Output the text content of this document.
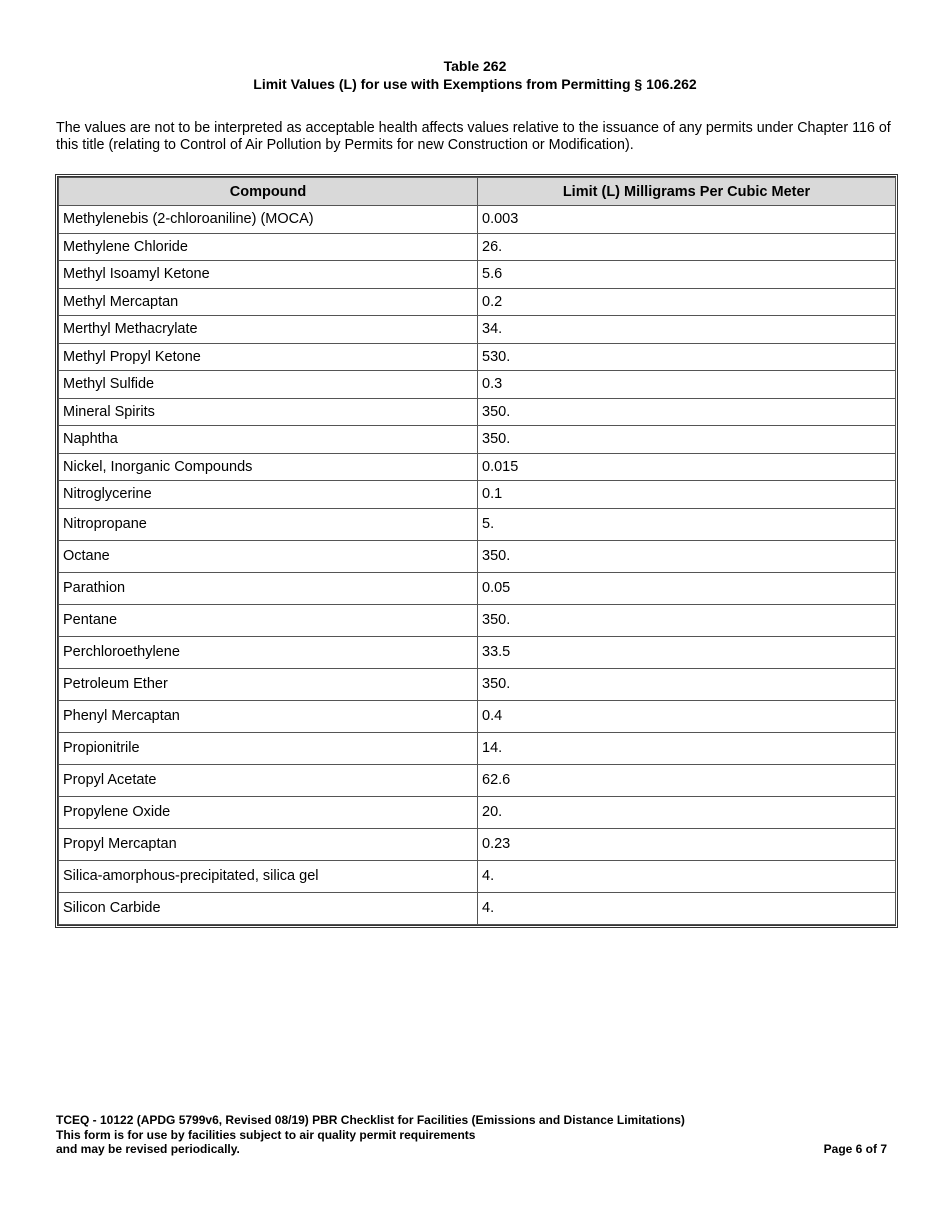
Table 262
Limit Values (L) for use with Exemptions from Permitting § 106.262
The values are not to be interpreted as acceptable health affects values relative to the issuance of any permits under Chapter 116 of this title (relating to Control of Air Pollution by Permits for new Construction or Modification).
Compound	Limit (L) Milligrams Per Cubic Meter
Methylenebis (2-chloroaniline) (MOCA)	0.003
Methylene Chloride	26.
Methyl Isoamyl Ketone	5.6
Methyl Mercaptan	0.2
Merthyl Methacrylate	34.
Methyl Propyl Ketone	530.
Methyl Sulfide	0.3
Mineral Spirits	350.
Naphtha	350.
Nickel, Inorganic Compounds	0.015
Nitroglycerine	0.1
Nitropropane	5.
Octane	350.
Parathion	0.05
Pentane	350.
Perchloroethylene	33.5
Petroleum Ether	350.
Phenyl Mercaptan	0.4
Propionitrile	14.
Propyl Acetate	62.6
Propylene Oxide	20.
Propyl Mercaptan	0.23
Silica-amorphous-precipitated, silica gel	4.
Silicon Carbide	4.
TCEQ - 10122 (APDG 5799v6, Revised 08/19) PBR Checklist for Facilities (Emissions and Distance Limitations)
This form is for use by facilities subject to air quality permit requirements
and may be revised periodically.	Page 6 of 7
